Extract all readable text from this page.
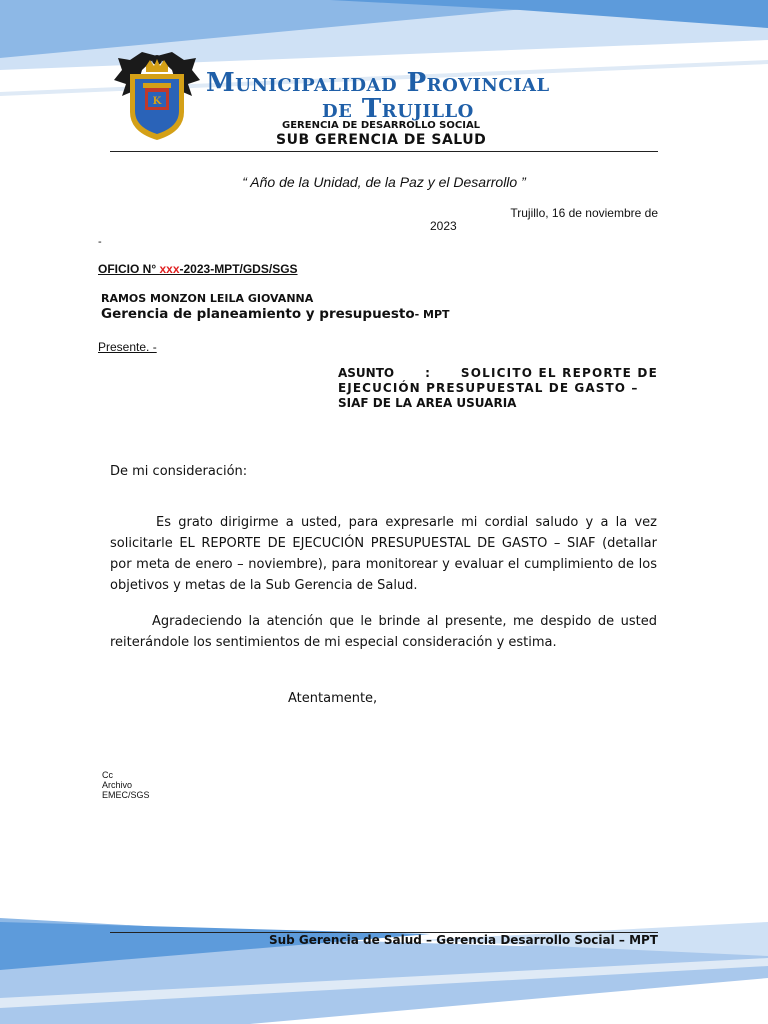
K
Municipalidad Provincial
de Trujillo
GERENCIA DE DESARROLLO SOCIAL
SUB GERENCIA DE SALUD
“ Año de la Unidad, de la Paz y el Desarrollo ”
Trujillo, 16 de noviembre de
2023
-
OFICIO N° xxx-2023-MPT/GDS/SGS
RAMOS MONZON LEILA GIOVANNA
Gerencia de planeamiento y presupuesto- MPT
Presente. -
ASUNTO	:	SOLICITO EL REPORTE DE
EJECUCIÓN PRESUPUESTAL DE GASTO –
SIAF DE LA AREA USUARIA
De mi consideración:
Es grato dirigirme a usted, para expresarle mi cordial saludo y a la vez
solicitarle EL REPORTE DE EJECUCIÓN PRESUPUESTAL DE GASTO – SIAF (detallar
por meta de enero – noviembre), para monitorear y evaluar el cumplimiento de los
objetivos y metas de la Sub Gerencia de Salud.
Agradeciendo la atención que le brinde al presente, me despido de usted
reiterándole los sentimientos de mi especial consideración y estima.
Atentamente,
Cc
Archivo
EMEC/SGS
Sub Gerencia de Salud – Gerencia Desarrollo Social – MPT
